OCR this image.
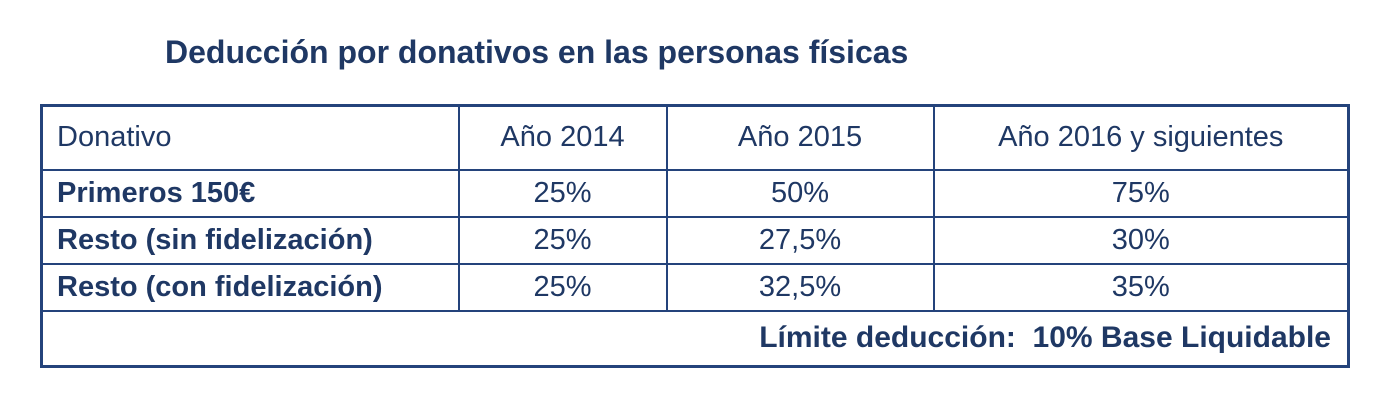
Deducción por donativos en las personas físicas
Donativo	Año 2014	Año 2015	Año 2016 y siguientes
Primeros 150€	25%	50%	75%
Resto (sin fidelización)	25%	27,5%	30%
Resto (con fidelización)	25%	32,5%	35%
Límite deducción:  10% Base Liquidable			
